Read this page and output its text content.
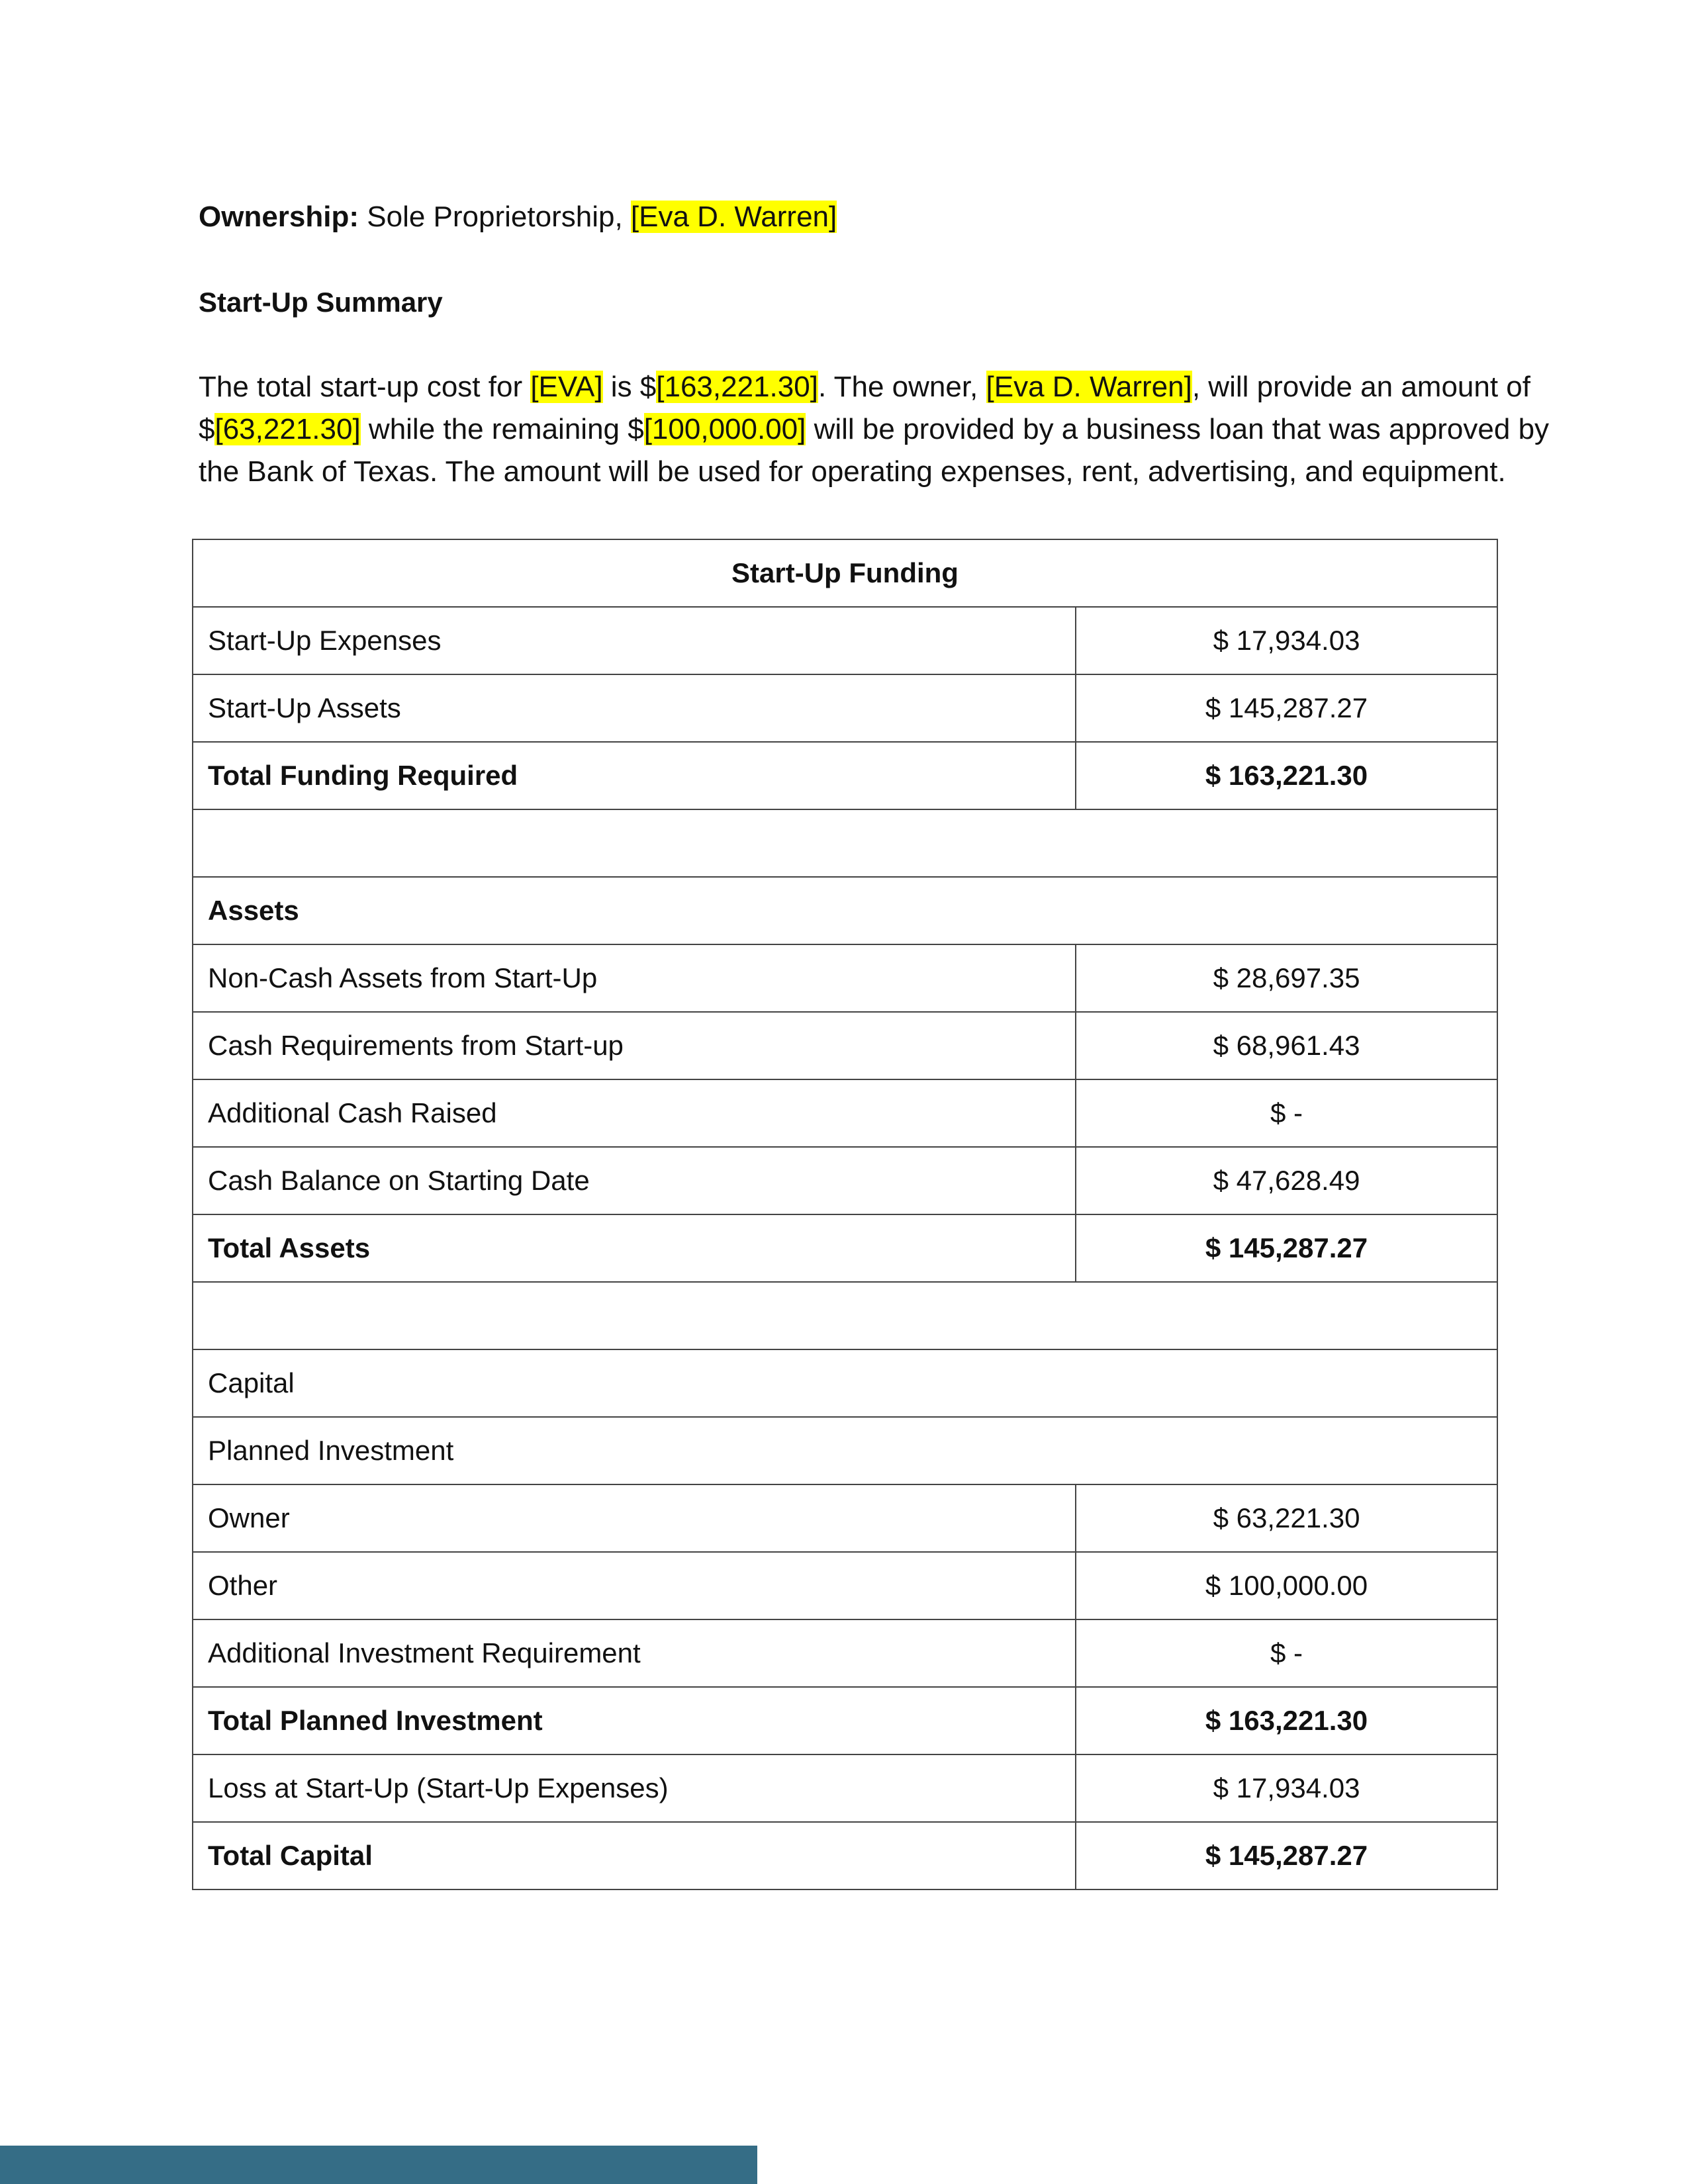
Ownership: Sole Proprietorship, [Eva D. Warren]
Start-Up Summary
The total start-up cost for [EVA] is $[163,221.30]. The owner, [Eva D. Warren], will provide an amount of
$[63,221.30] while the remaining $[100,000.00] will be provided by a business loan that was approved by
the Bank of Texas. The amount will be used for operating expenses, rent, advertising, and equipment.
Start-Up Funding	
Start-Up Expenses	$ 17,934.03
Start-Up Assets	$ 145,287.27
Total Funding Required	$ 163,221.30

Assets	
Non-Cash Assets from Start-Up	$ 28,697.35
Cash Requirements from Start-up	$ 68,961.43
Additional Cash Raised	$ -
Cash Balance on Starting Date	$ 47,628.49
Total Assets	$ 145,287.27

Capital	
Planned Investment	
Owner	$ 63,221.30
Other	$ 100,000.00
Additional Investment Requirement	$ -
Total Planned Investment	$ 163,221.30
Loss at Start-Up (Start-Up Expenses)	$ 17,934.03
Total Capital	$ 145,287.27
